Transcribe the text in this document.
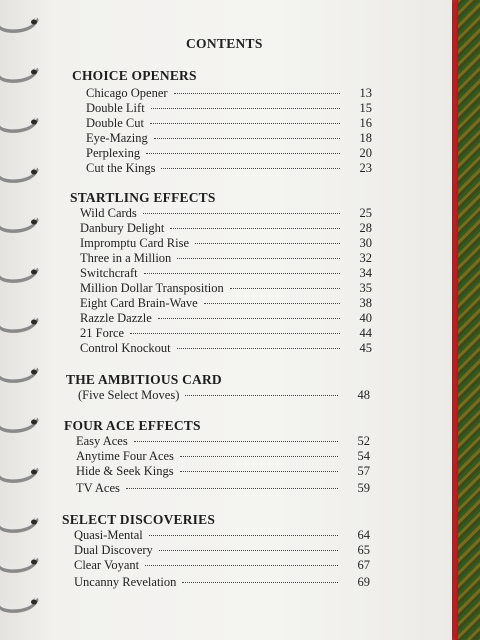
CONTENTS
CHOICE OPENERS
Chicago Opener	13
Double Lift	15
Double Cut	16
Eye-Mazing	18
Perplexing	20
Cut the Kings	23
STARTLING EFFECTS
Wild Cards	25
Danbury Delight	28
Impromptu Card Rise	30
Three in a Million	32
Switchcraft	34
Million Dollar Transposition	35
Eight Card Brain-Wave	38
Razzle Dazzle	40
21 Force	44
Control Knockout	45
THE AMBITIOUS CARD
(Five Select Moves)	48
FOUR ACE EFFECTS
Easy Aces	52
Anytime Four Aces	54
Hide & Seek Kings	57
TV Aces	59
SELECT DISCOVERIES
Quasi-Mental	64
Dual Discovery	65
Clear Voyant	67
Uncanny Revelation	69
